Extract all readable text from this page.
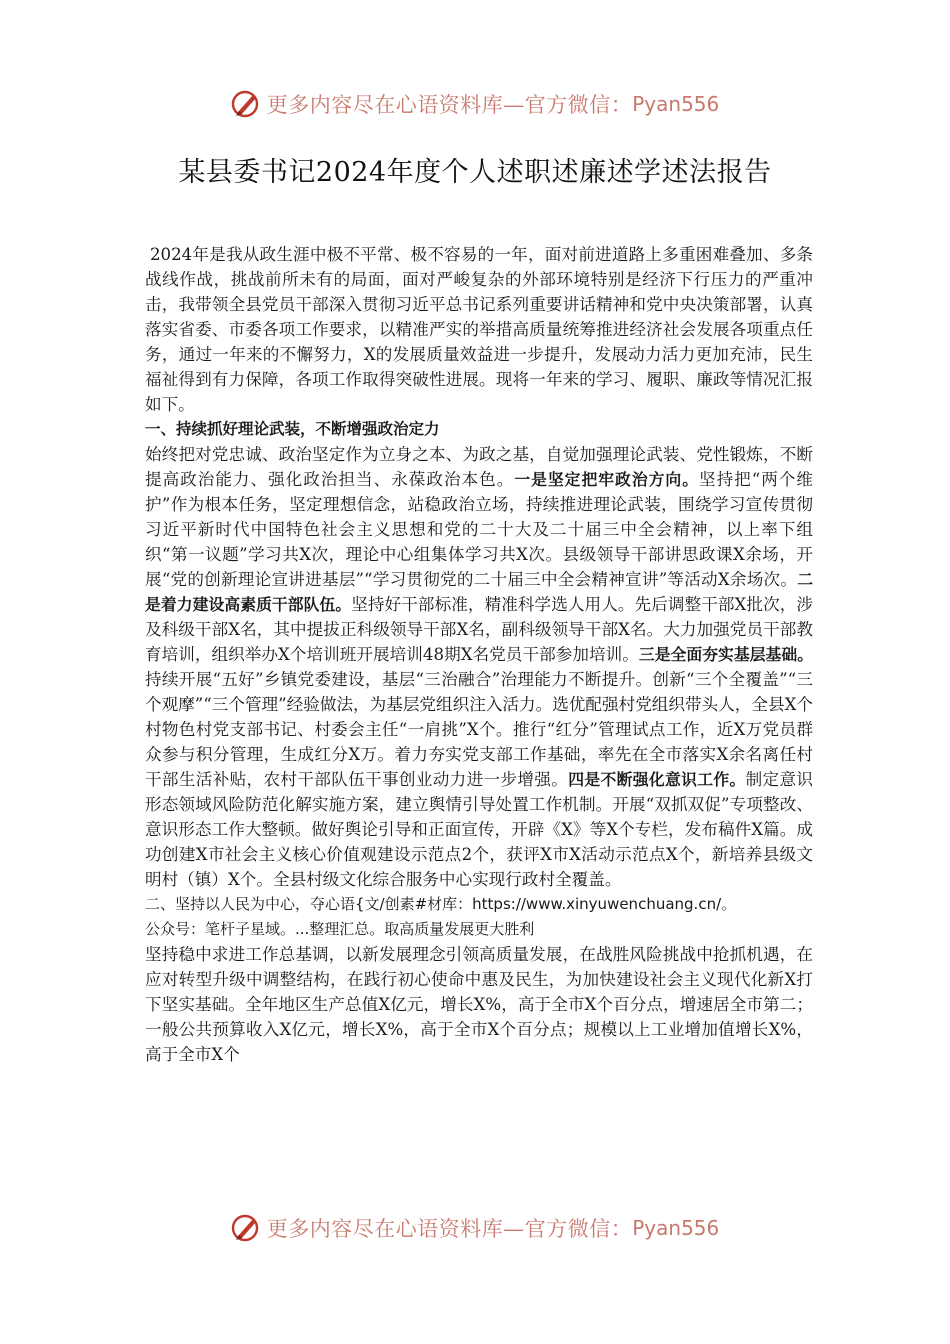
更多内容尽在心语资料库—官方微信： Pyan556
某县委书记2024年度个人述职述廉述学述法报告

2024年是我从政生涯中极不平常、极不容易的一年，面对前进道路上多重困难叠加、多条战线作战，挑战前所未有的局面，面对严峻复杂的外部环境特别是经济下行压力的严重冲击，我带领全县党员干部深入贯彻习近平总书记系列重要讲话精神和党中央决策部署，认真落实省委、市委各项工作要求，以精准严实的举措高质量统筹推进经济社会发展各项重点任务，通过一年来的不懈努力，X的发展质量效益进一步提升，发展动力活力更加充沛，民生福祉得到有力保障，各项工作取得突破性进展。现将一年来的学习、履职、廉政等情况汇报如下。

一、持续抓好理论武装，不断增强政治定力

始终把对党忠诚、政治坚定作为立身之本、为政之基，自觉加强理论武装、党性锻炼，不断提高政治能力、强化政治担当、永葆政治本色。一是坚定把牢政治方向。坚持把“两个维护”作为根本任务，坚定理想信念，站稳政治立场，持续推进理论武装，围绕学习宣传贯彻习近平新时代中国特色社会主义思想和党的二十大及二十届三中全会精神，以上率下组织“第一议题”学习共X次，理论中心组集体学习共X次。县级领导干部讲思政课X余场，开展“党的创新理论宣讲进基层”“学习贯彻党的二十届三中全会精神宣讲”等活动X余场次。二是着力建设高素质干部队伍。坚持好干部标准，精准科学选人用人。先后调整干部X批次，涉及科级干部X名，其中提拔正科级领导干部X名，副科级领导干部X名。大力加强党员干部教育培训，组织举办X个培训班开展培训48期X名党员干部参加培训。三是全面夯实基层基础。持续开展“五好”乡镇党委建设，基层“三治融合”治理能力不断提升。创新“三个全覆盖”“三个观摩”“三个管理”经验做法，为基层党组织注入活力。选优配强村党组织带头人，全县X个村物色村党支部书记、村委会主任“一肩挑”X个。推行“红分”管理试点工作，近X万党员群众参与积分管理，生成红分X万。着力夯实党支部工作基础，率先在全市落实X余名离任村干部生活补贴，农村干部队伍干事创业动力进一步增强。四是不断强化意识工作。制定意识形态领域风险防范化解实施方案，建立舆情引导处置工作机制。开展“双抓双促”专项整改、意识形态工作大整顿。做好舆论引导和正面宣传，开辟《X》等X个专栏，发布稿件X篇。成功创建X市社会主义核心价值观建设示范点2个，获评X市X活动示范点X个，新培养县级文明村（镇）X个。全县村级文化综合服务中心实现行政村全覆盖。

二、坚持以人民为中心，夺心语{文/创素#材库：https://www.xinyuwenchuang.cn/。

公众号：笔杆子星域。...整理汇总。取高质量发展更大胜利

坚持稳中求进工作总基调，以新发展理念引领高质量发展，在战胜风险挑战中抢抓机遇，在应对转型升级中调整结构，在践行初心使命中惠及民生，为加快建设社会主义现代化新X打下坚实基础。全年地区生产总值X亿元，增长X%，高于全市X个百分点，增速居全市第二；一般公共预算收入X亿元，增长X%，高于全市X个百分点；规模以上工业增加值增长X%，高于全市X个

更多内容尽在心语资料库—官方微信： Pyan556
